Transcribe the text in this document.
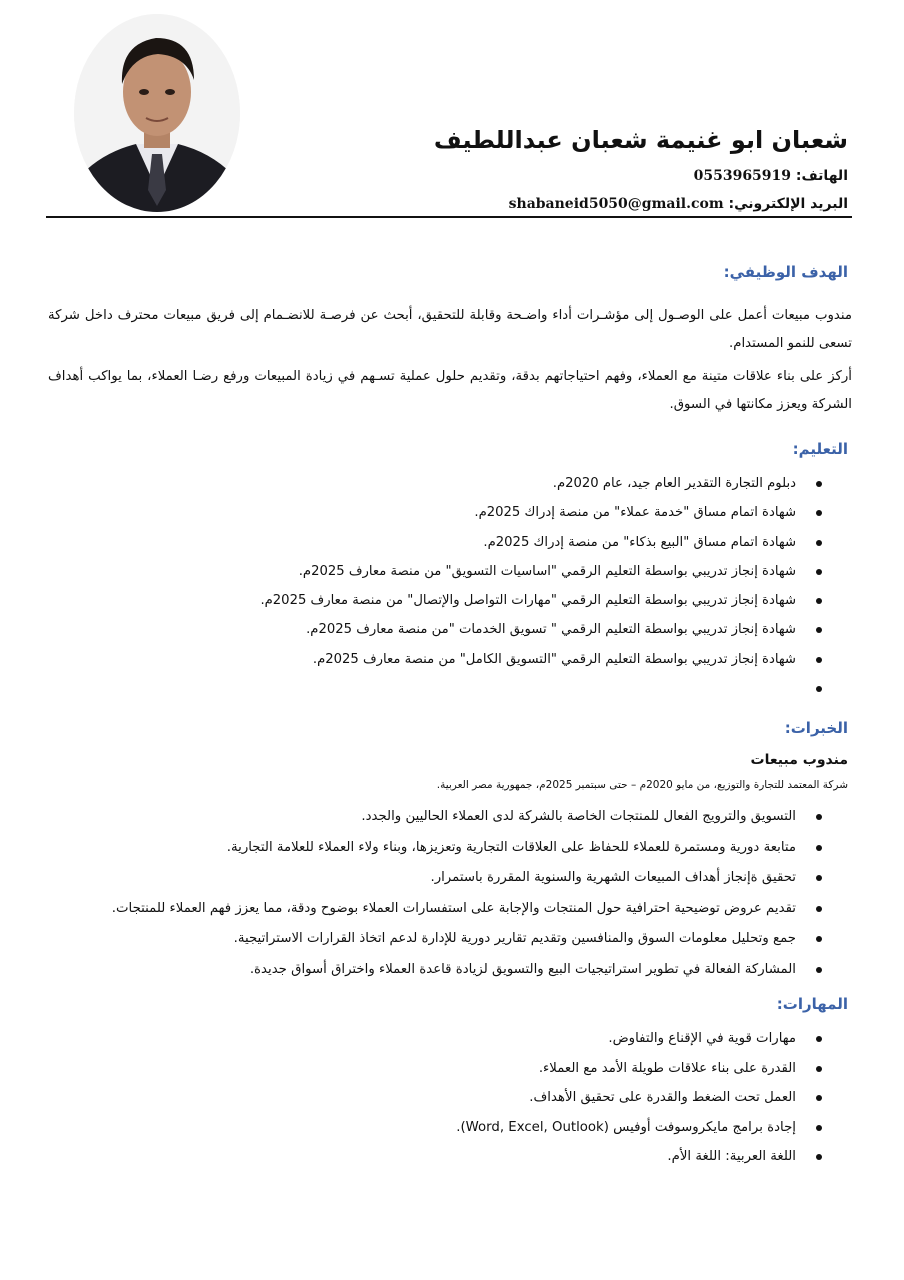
شعبان ابو غنيمة شعبان عبداللطيف
الهاتف: 0553965919
البريد الإلكتروني: shabaneid5050@gmail.com
الهدف الوظيفي:

مندوب مبيعات أعمل على الوصـول إلى مؤشـرات أداء واضـحة وقابلة للتحقيق، أبحث عن فرصـة للانضـمام إلى فريق مبيعات محترف داخل شركة تسعى للنمو المستدام.

أركز على بناء علاقات متينة مع العملاء، وفهم احتياجاتهم بدقة، وتقديم حلول عملية تسـهم في زيادة المبيعات ورفع رضـا العملاء، بما يواكب أهداف الشركة ويعزز مكانتها في السوق.

التعليم:
دبلوم التجارة التقدير العام جيد، عام 2020م.
شهادة اتمام مساق "خدمة عملاء" من منصة إدراك 2025م.
شهادة اتمام مساق "البيع بذكاء" من منصة إدراك 2025م.
شهادة إنجاز تدريبي بواسطة التعليم الرقمي "اساسيات التسويق" من منصة معارف 2025م.
شهادة إنجاز تدريبي بواسطة التعليم الرقمي "مهارات التواصل والإتصال" من منصة معارف 2025م.
شهادة إنجاز تدريبي بواسطة التعليم الرقمي " تسويق الخدمات "من منصة معارف 2025م.
شهادة إنجاز تدريبي بواسطة التعليم الرقمي "التسويق الكامل" من منصة معارف 2025م.
الخبرات:

مندوب مبيعات

شركة المعتمد للتجارة والتوزيع، من مايو 2020م – حتى سبتمبر 2025م، جمهورية مصر العربية.

التسويق والترويج الفعال للمنتجات الخاصة بالشركة لدى العملاء الحاليين والجدد.
متابعة دورية ومستمرة للعملاء للحفاظ على العلاقات التجارية وتعزيزها، وبناء ولاء العملاء للعلامة التجارية.
تحقيق ةإنجاز أهداف المبيعات الشهرية والسنوية المقررة باستمرار.
تقديم عروض توضيحية احترافية حول المنتجات والإجابة على استفسارات العملاء بوضوح ودقة، مما يعزز فهم العملاء للمنتجات.
جمع وتحليل معلومات السوق والمنافسين وتقديم تقارير دورية للإدارة لدعم اتخاذ القرارات الاستراتيجية.
المشاركة الفعالة في تطوير استراتيجيات البيع والتسويق لزيادة قاعدة العملاء واختراق أسواق جديدة.
المهارات:
مهارات قوية في الإقناع والتفاوض.
القدرة على بناء علاقات طويلة الأمد مع العملاء.
العمل تحت الضغط والقدرة على تحقيق الأهداف.
إجادة برامج مايكروسوفت أوفيس (Word, Excel, Outlook).
اللغة العربية: اللغة الأم.
